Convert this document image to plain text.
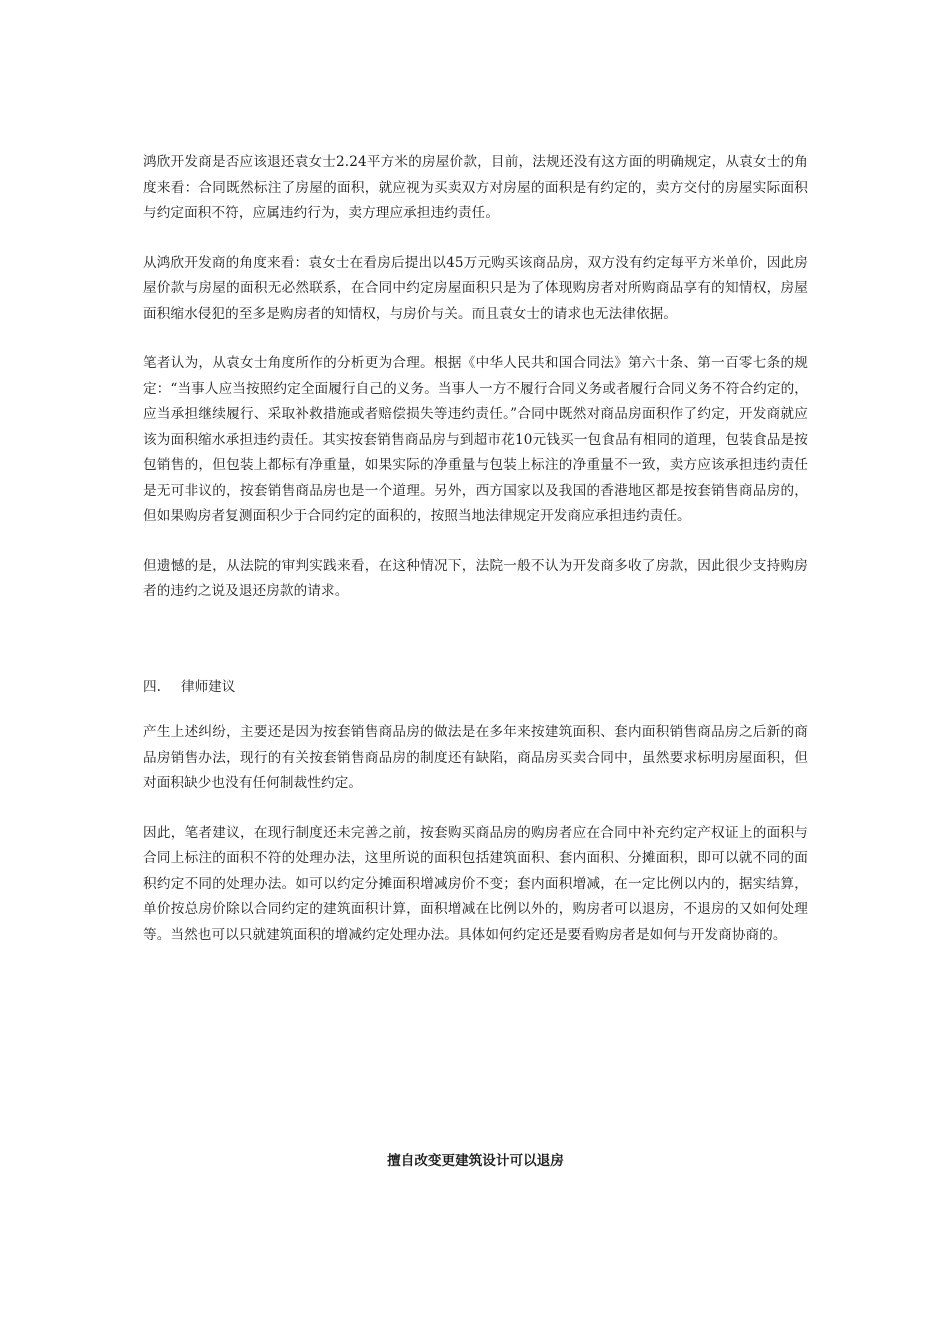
鸿欣开发商是否应该退还袁女士2.24平方米的房屋价款，目前，法规还没有这方面的明确规定，从袁女士的角度来看：合同既然标注了房屋的面积，就应视为买卖双方对房屋的面积是有约定的，卖方交付的房屋实际面积与约定面积不符，应属违约行为，卖方理应承担违约责任。

从鸿欣开发商的角度来看：袁女士在看房后提出以45万元购买该商品房，双方没有约定每平方米单价，因此房屋价款与房屋的面积无必然联系，在合同中约定房屋面积只是为了体现购房者对所购商品享有的知情权，房屋面积缩水侵犯的至多是购房者的知情权，与房价与关。而且袁女士的请求也无法律依据。

笔者认为，从袁女士角度所作的分析更为合理。根据《中华人民共和国合同法》第六十条、第一百零七条的规定：“当事人应当按照约定全面履行自己的义务。当事人一方不履行合同义务或者履行合同义务不符合约定的，应当承担继续履行、采取补救措施或者赔偿损失等违约责任。”合同中既然对商品房面积作了约定，开发商就应该为面积缩水承担违约责任。其实按套销售商品房与到超市花10元钱买一包食品有相同的道理，包装食品是按包销售的，但包装上都标有净重量，如果实际的净重量与包装上标注的净重量不一致，卖方应该承担违约责任是无可非议的，按套销售商品房也是一个道理。另外，西方国家以及我国的香港地区都是按套销售商品房的，但如果购房者复测面积少于合同约定的面积的，按照当地法律规定开发商应承担违约责任。

但遗憾的是，从法院的审判实践来看，在这种情况下，法院一般不认为开发商多收了房款，因此很少支持购房者的违约之说及退还房款的请求。

四. 律师建议

产生上述纠纷，主要还是因为按套销售商品房的做法是在多年来按建筑面积、套内面积销售商品房之后新的商品房销售办法，现行的有关按套销售商品房的制度还有缺陷，商品房买卖合同中，虽然要求标明房屋面积，但对面积缺少也没有任何制裁性约定。

因此，笔者建议，在现行制度还未完善之前，按套购买商品房的购房者应在合同中补充约定产权证上的面积与合同上标注的面积不符的处理办法，这里所说的面积包括建筑面积、套内面积、分摊面积，即可以就不同的面积约定不同的处理办法。如可以约定分摊面积增减房价不变；套内面积增减，在一定比例以内的，据实结算，单价按总房价除以合同约定的建筑面积计算，面积增减在比例以外的，购房者可以退房，不退房的又如何处理等。当然也可以只就建筑面积的增减约定处理办法。具体如何约定还是要看购房者是如何与开发商协商的。

擅自改变更建筑设计可以退房
